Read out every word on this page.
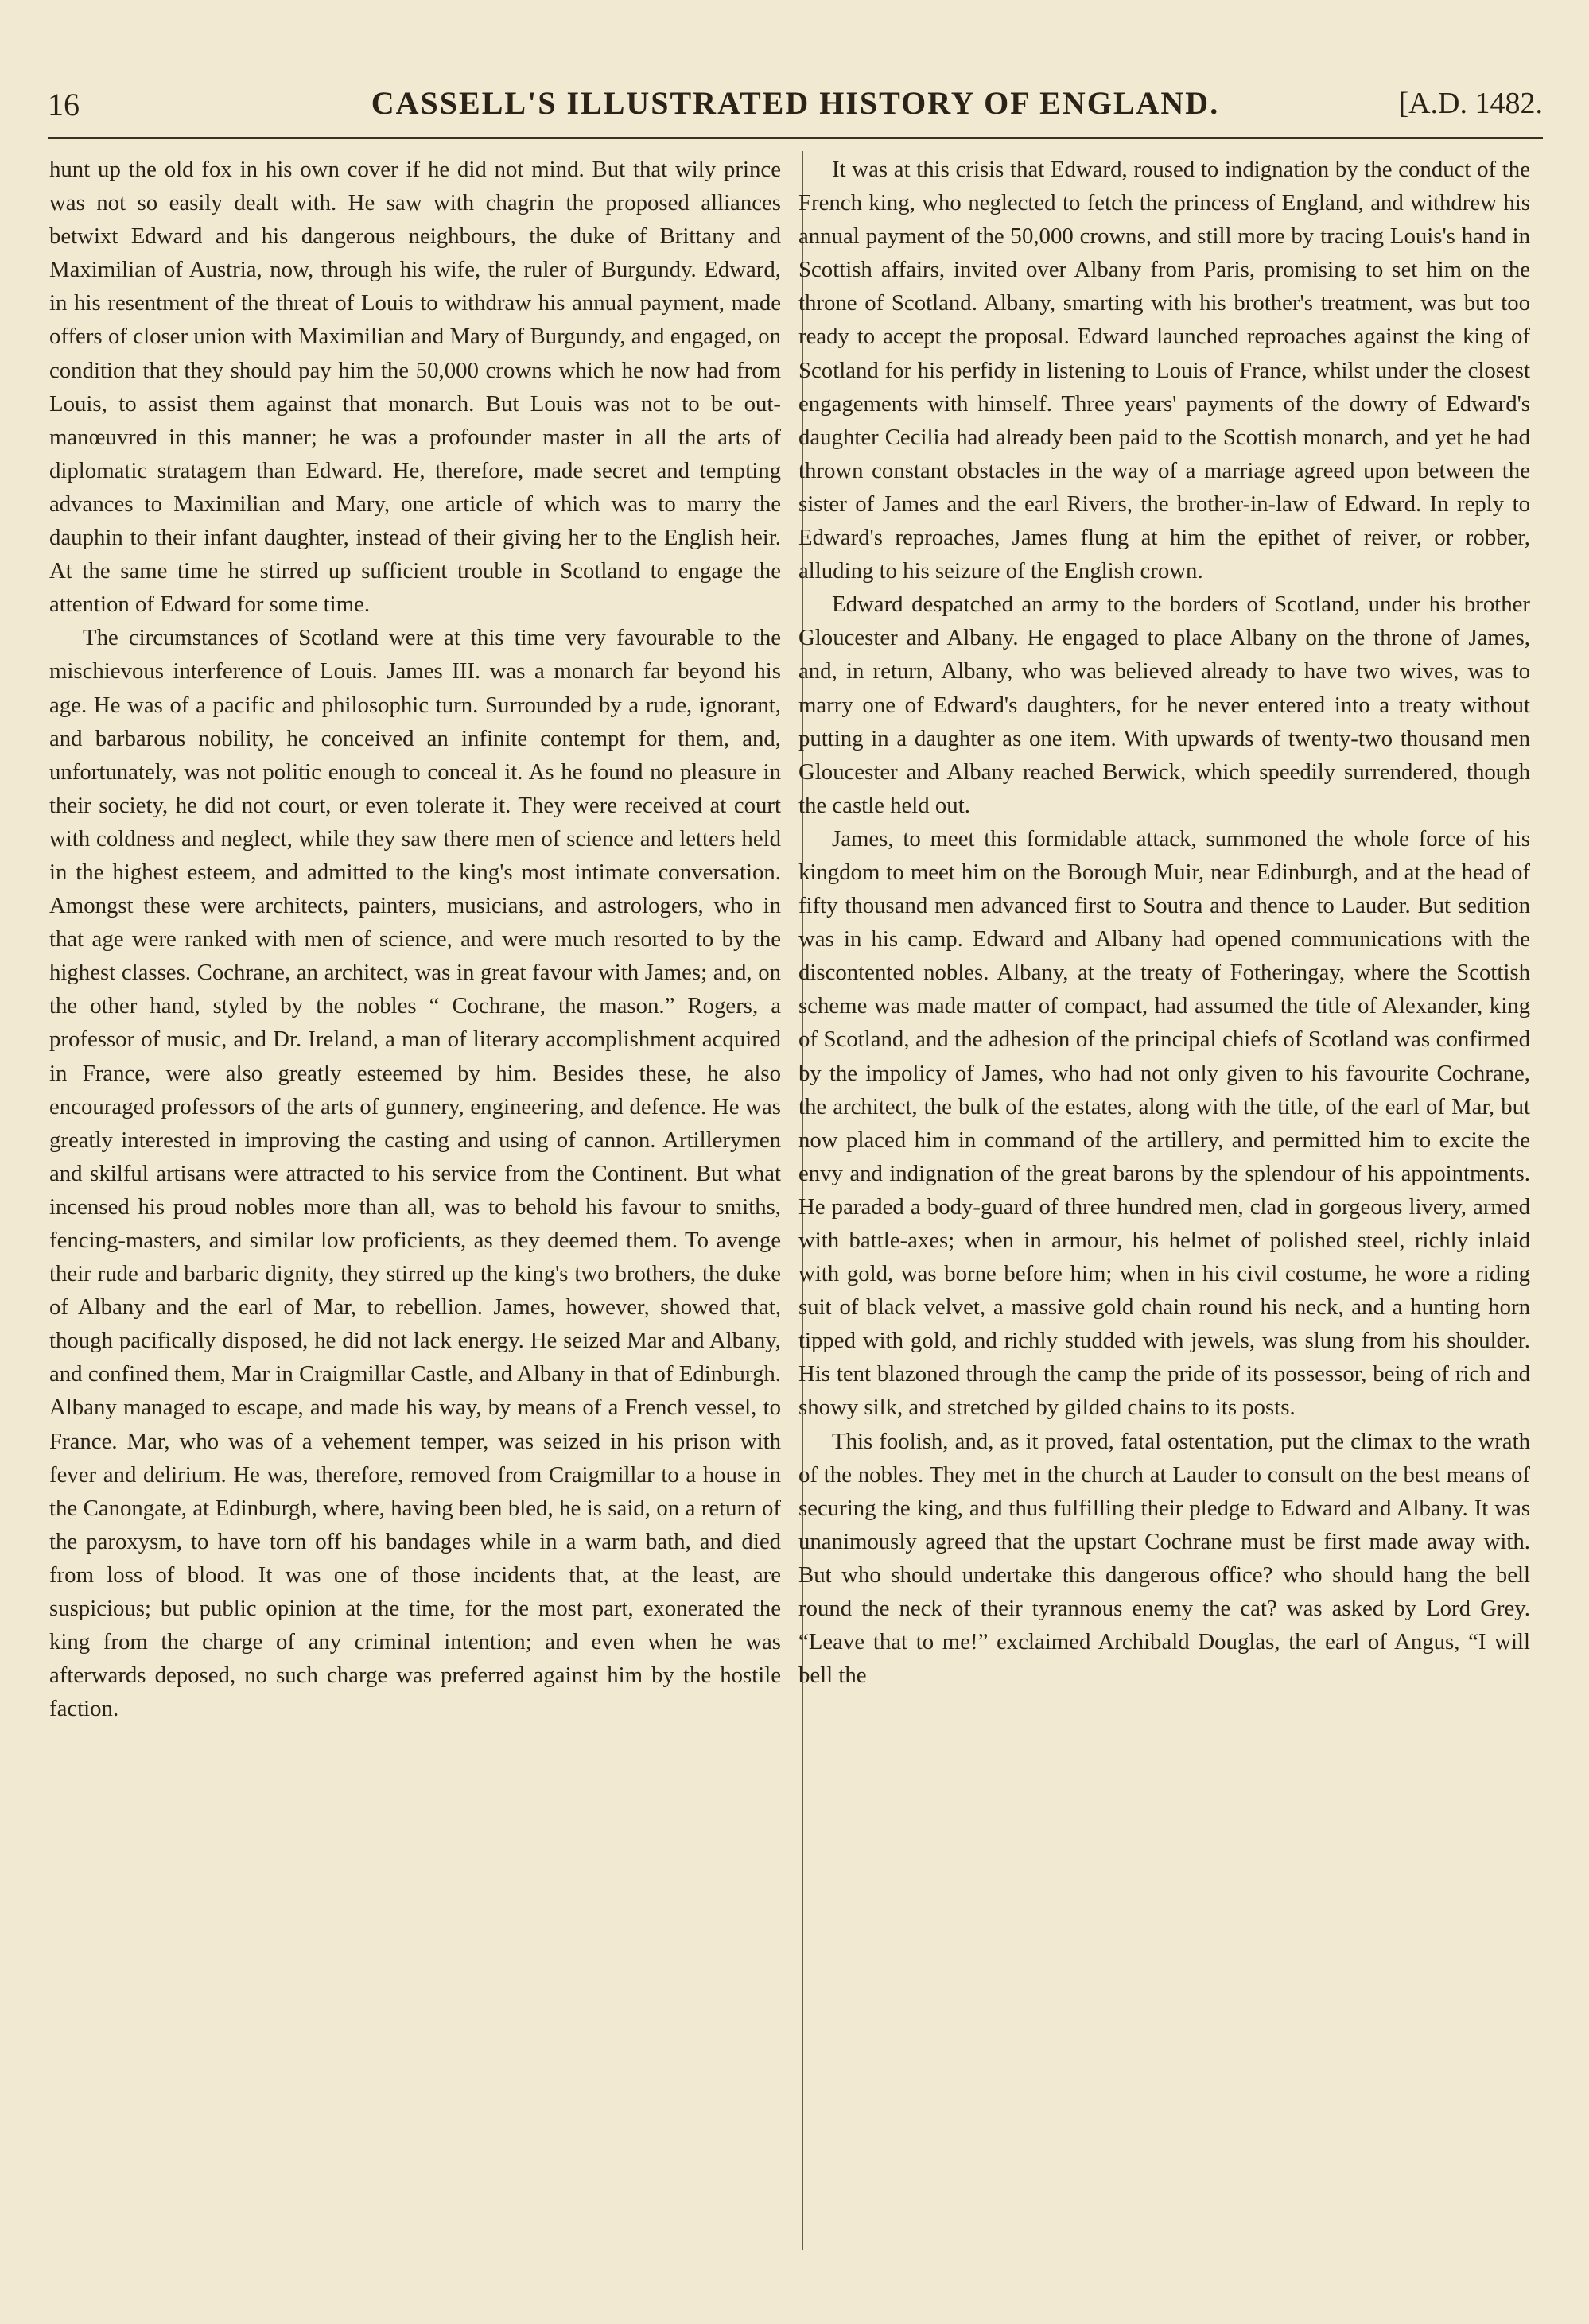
16	CASSELL'S ILLUSTRATED HISTORY OF ENGLAND.	[A.D. 1482.

hunt up the old fox in his own cover if he did not mind. But that wily prince was not so easily dealt with. He saw with chagrin the proposed alliances betwixt Edward and his dangerous neighbours, the duke of Brittany and Maximilian of Austria, now, through his wife, the ruler of Burgundy. Edward, in his resentment of the threat of Louis to withdraw his annual payment, made offers of closer union with Maximilian and Mary of Burgundy, and engaged, on condition that they should pay him the 50,000 crowns which he now had from Louis, to assist them against that monarch. But Louis was not to be out-manœuvred in this manner; he was a profounder master in all the arts of diplomatic stratagem than Edward. He, therefore, made secret and tempting advances to Maximilian and Mary, one article of which was to marry the dauphin to their infant daughter, instead of their giving her to the English heir. At the same time he stirred up sufficient trouble in Scotland to engage the attention of Edward for some time.

The circumstances of Scotland were at this time very favourable to the mischievous interference of Louis. James III. was a monarch far beyond his age. He was of a pacific and philosophic turn. Surrounded by a rude, ignorant, and barbarous nobility, he conceived an infinite contempt for them, and, unfortunately, was not politic enough to conceal it. As he found no pleasure in their society, he did not court, or even tolerate it. They were received at court with coldness and neglect, while they saw there men of science and letters held in the highest esteem, and admitted to the king's most intimate conversation. Amongst these were architects, painters, musicians, and astrologers, who in that age were ranked with men of science, and were much resorted to by the highest classes. Cochrane, an architect, was in great favour with James; and, on the other hand, styled by the nobles “ Cochrane, the mason.” Rogers, a professor of music, and Dr. Ireland, a man of literary accomplishment acquired in France, were also greatly esteemed by him. Besides these, he also encouraged professors of the arts of gunnery, engineering, and defence. He was greatly interested in improving the casting and using of cannon. Artillerymen and skilful artisans were attracted to his service from the Continent. But what incensed his proud nobles more than all, was to behold his favour to smiths, fencing-masters, and similar low proficients, as they deemed them. To avenge their rude and barbaric dignity, they stirred up the king's two brothers, the duke of Albany and the earl of Mar, to rebellion. James, however, showed that, though pacifically disposed, he did not lack energy. He seized Mar and Albany, and confined them, Mar in Craigmillar Castle, and Albany in that of Edinburgh. Albany managed to escape, and made his way, by means of a French vessel, to France. Mar, who was of a vehement temper, was seized in his prison with fever and delirium. He was, therefore, removed from Craigmillar to a house in the Canongate, at Edinburgh, where, having been bled, he is said, on a return of the paroxysm, to have torn off his bandages while in a warm bath, and died from loss of blood. It was one of those incidents that, at the least, are suspicious; but public opinion at the time, for the most part, exonerated the king from the charge of any criminal intention; and even when he was afterwards deposed, no such charge was preferred against him by the hostile faction.

It was at this crisis that Edward, roused to indignation by the conduct of the French king, who neglected to fetch the princess of England, and withdrew his annual payment of the 50,000 crowns, and still more by tracing Louis's hand in Scottish affairs, invited over Albany from Paris, promising to set him on the throne of Scotland. Albany, smarting with his brother's treatment, was but too ready to accept the proposal. Edward launched reproaches against the king of Scotland for his perfidy in listening to Louis of France, whilst under the closest engagements with himself. Three years' payments of the dowry of Edward's daughter Cecilia had already been paid to the Scottish monarch, and yet he had thrown constant obstacles in the way of a marriage agreed upon between the sister of James and the earl Rivers, the brother-in-law of Edward. In reply to Edward's reproaches, James flung at him the epithet of reiver, or robber, alluding to his seizure of the English crown.

Edward despatched an army to the borders of Scotland, under his brother Gloucester and Albany. He engaged to place Albany on the throne of James, and, in return, Albany, who was believed already to have two wives, was to marry one of Edward's daughters, for he never entered into a treaty without putting in a daughter as one item. With upwards of twenty-two thousand men Gloucester and Albany reached Berwick, which speedily surrendered, though the castle held out.

James, to meet this formidable attack, summoned the whole force of his kingdom to meet him on the Borough Muir, near Edinburgh, and at the head of fifty thousand men advanced first to Soutra and thence to Lauder. But sedition was in his camp. Edward and Albany had opened communications with the discontented nobles. Albany, at the treaty of Fotheringay, where the Scottish scheme was made matter of compact, had assumed the title of Alexander, king of Scotland, and the adhesion of the principal chiefs of Scotland was confirmed by the impolicy of James, who had not only given to his favourite Cochrane, the architect, the bulk of the estates, along with the title, of the earl of Mar, but now placed him in command of the artillery, and permitted him to excite the envy and indignation of the great barons by the splendour of his appointments. He paraded a body-guard of three hundred men, clad in gorgeous livery, armed with battle-axes; when in armour, his helmet of polished steel, richly inlaid with gold, was borne before him; when in his civil costume, he wore a riding suit of black velvet, a massive gold chain round his neck, and a hunting horn tipped with gold, and richly studded with jewels, was slung from his shoulder. His tent blazoned through the camp the pride of its possessor, being of rich and showy silk, and stretched by gilded chains to its posts.

This foolish, and, as it proved, fatal ostentation, put the climax to the wrath of the nobles. They met in the church at Lauder to consult on the best means of securing the king, and thus fulfilling their pledge to Edward and Albany. It was unanimously agreed that the upstart Cochrane must be first made away with. But who should undertake this dangerous office? who should hang the bell round the neck of their tyrannous enemy the cat? was asked by Lord Grey. “Leave that to me!” exclaimed Archibald Douglas, the earl of Angus, “I will bell the
